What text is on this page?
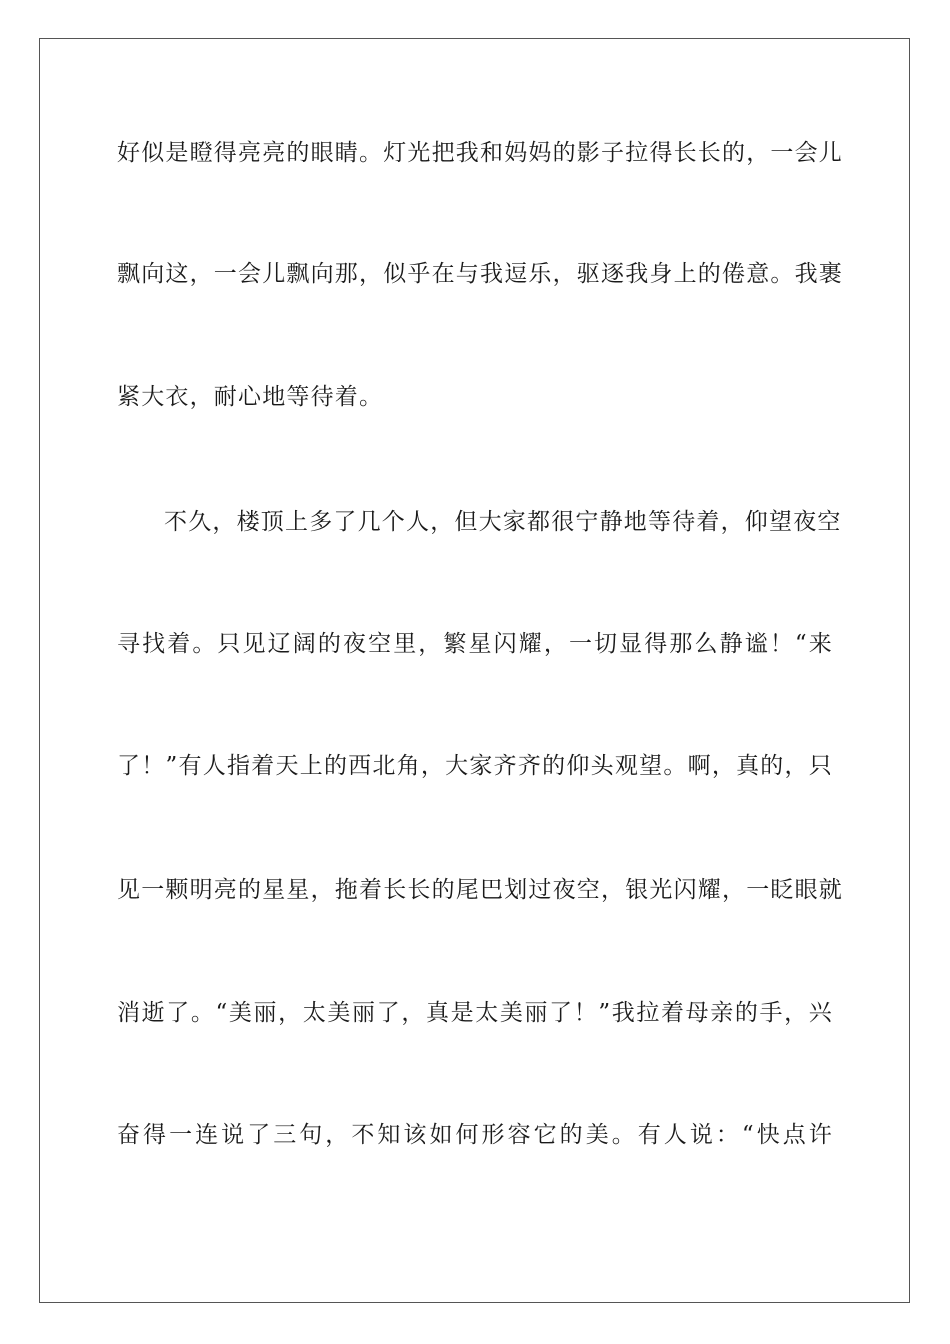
好似是瞪得亮亮的眼睛。灯光把我和妈妈的影子拉得长长的，一会儿
飘向这，一会儿飘向那，似乎在与我逗乐，驱逐我身上的倦意。我裹
紧大衣，耐心地等待着。
不久，楼顶上多了几个人，但大家都很宁静地等待着，仰望夜空
寻找着。只见辽阔的夜空里，繁星闪耀，一切显得那么静谧！“来
了！”有人指着天上的西北角，大家齐齐的仰头观望。啊，真的，只
见一颗明亮的星星，拖着长长的尾巴划过夜空，银光闪耀，一眨眼就
消逝了。“美丽，太美丽了，真是太美丽了！”我拉着母亲的手，兴
奋得一连说了三句，不知该如何形容它的美。有人说：“快点许
